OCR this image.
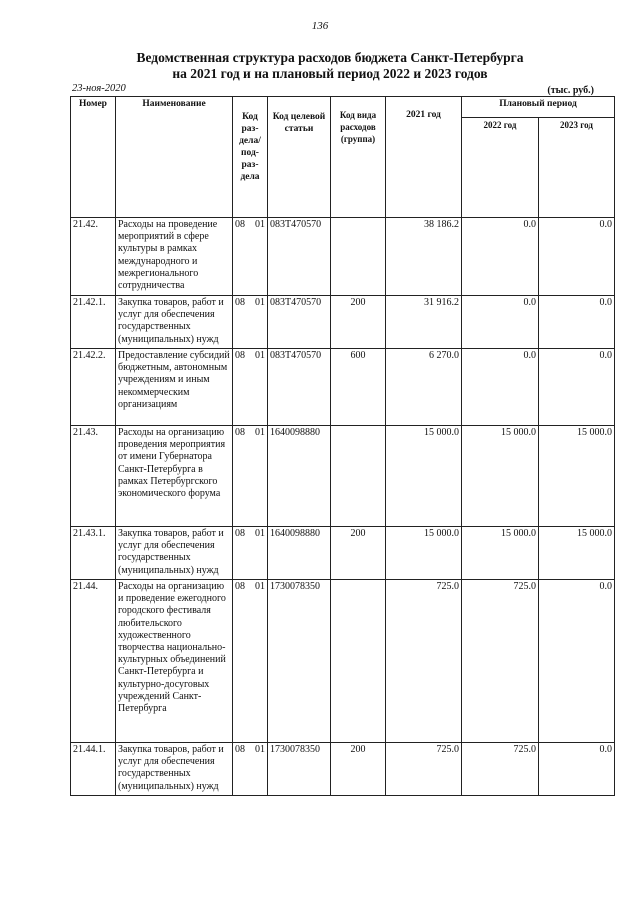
136
Ведомственная структура расходов бюджета Санкт-Петербурга
на 2021 год и на плановый период 2022 и 2023 годов
23-ноя-2020	(тыс. руб.)
Номер	Наименование	Код раз-дела/ под-раз-дела	Код целевой статьи	Код вида расходов (группа)	2021 год	Плановый период	
						2022 год	2023 год
21.42.	Расходы на проведение мероприятий в сфере культуры в рамках международного и межрегионального сотрудничества	08 01	083Т470570		38 186.2	0.0	0.0
21.42.1.	Закупка товаров, работ и услуг для обеспечения государственных (муниципальных) нужд	08 01	083Т470570	200	31 916.2	0.0	0.0
21.42.2.	Предоставление субсидий бюджетным, автономным учреждениям и иным некоммерческим организациям	08 01	083Т470570	600	6 270.0	0.0	0.0
21.43.	Расходы на организацию проведения мероприятия от имени Губернатора Санкт-Петербурга в рамках Петербургского экономического форума	08 01	1640098880		15 000.0	15 000.0	15 000.0
21.43.1.	Закупка товаров, работ и услуг для обеспечения государственных (муниципальных) нужд	08 01	1640098880	200	15 000.0	15 000.0	15 000.0
21.44.	Расходы на организацию и проведение ежегодного городского фестиваля любительского художественного творчества национально-культурных объединений Санкт-Петербурга и культурно-досуговых учреждений Санкт-Петербурга	08 01	1730078350		725.0	725.0	0.0
21.44.1.	Закупка товаров, работ и услуг для обеспечения государственных (муниципальных) нужд	08 01	1730078350	200	725.0	725.0	0.0
